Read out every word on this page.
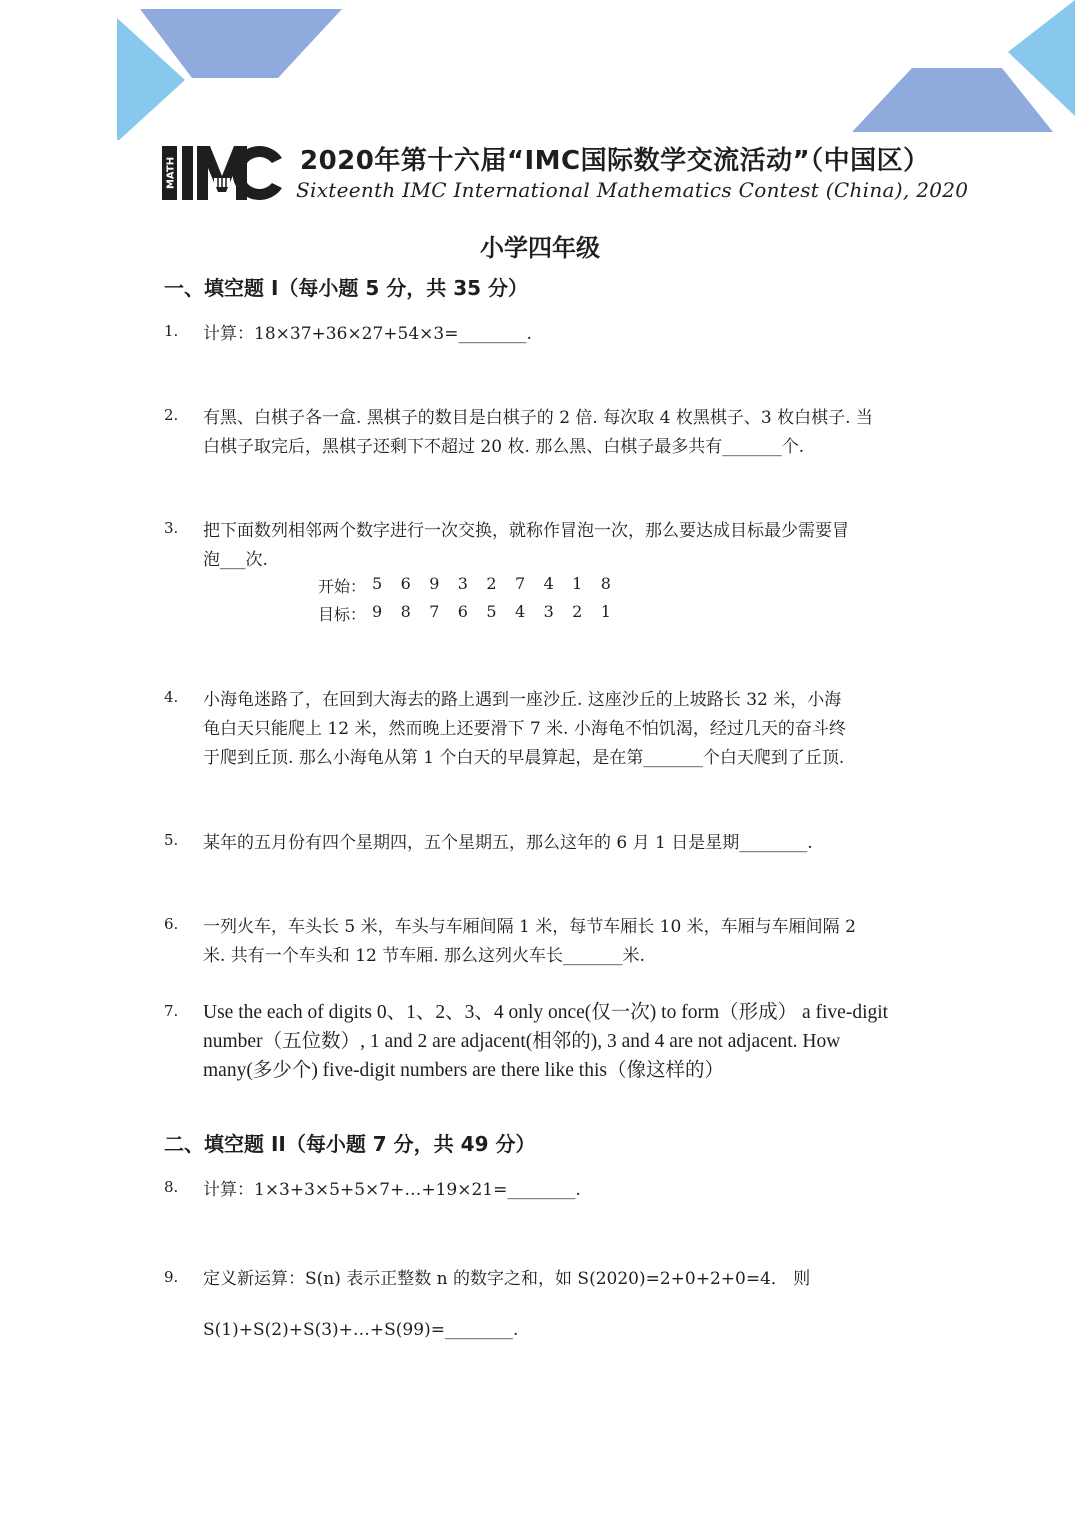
MATH	2020年第十六届“IMC国际数学交流活动”（中国区）
Sixteenth IMC International Mathematics Contest (China), 2020
小学四年级
一、填空题 I（每小题 5 分，共 35 分）
1. 计算：18×37+36×27+54×3=________.
2. 有黑、白棋子各一盒. 黑棋子的数目是白棋子的 2 倍. 每次取 4 枚黑棋子、3 枚白棋子. 当
白棋子取完后，黑棋子还剩下不超过 20 枚. 那么黑、白棋子最多共有_______个.
3. 把下面数列相邻两个数字进行一次交换，就称作冒泡一次，那么要达成目标最少需要冒
泡___次.
开始： 5 6 9 3 2 7 4 1 8
目标： 9 8 7 6 5 4 3 2 1
4. 小海龟迷路了，在回到大海去的路上遇到一座沙丘. 这座沙丘的上坡路长 32 米，小海
龟白天只能爬上 12 米，然而晚上还要滑下 7 米. 小海龟不怕饥渴，经过几天的奋斗终
于爬到丘顶. 那么小海龟从第 1 个白天的早晨算起，是在第_______个白天爬到了丘顶.
5. 某年的五月份有四个星期四，五个星期五，那么这年的 6 月 1 日是星期________.
6. 一列火车，车头长 5 米，车头与车厢间隔 1 米，每节车厢长 10 米，车厢与车厢间隔 2
米. 共有一个车头和 12 节车厢. 那么这列火车长_______米.
7. Use the each of digits 0、1、2、3、4 only once(仅一次) to form（形成） a five-digit
number（五位数）, 1 and 2 are adjacent(相邻的), 3 and 4 are not adjacent. How
many(多少个) five-digit numbers are there like this（像这样的）
二、填空题 II（每小题 7 分，共 49 分）
8. 计算：1×3+3×5+5×7+…+19×21=________.
9. 定义新运算：S(n) 表示正整数 n 的数字之和，如 S(2020)=2+0+2+0=4． 则
S(1)+S(2)+S(3)+…+S(99)=________.
